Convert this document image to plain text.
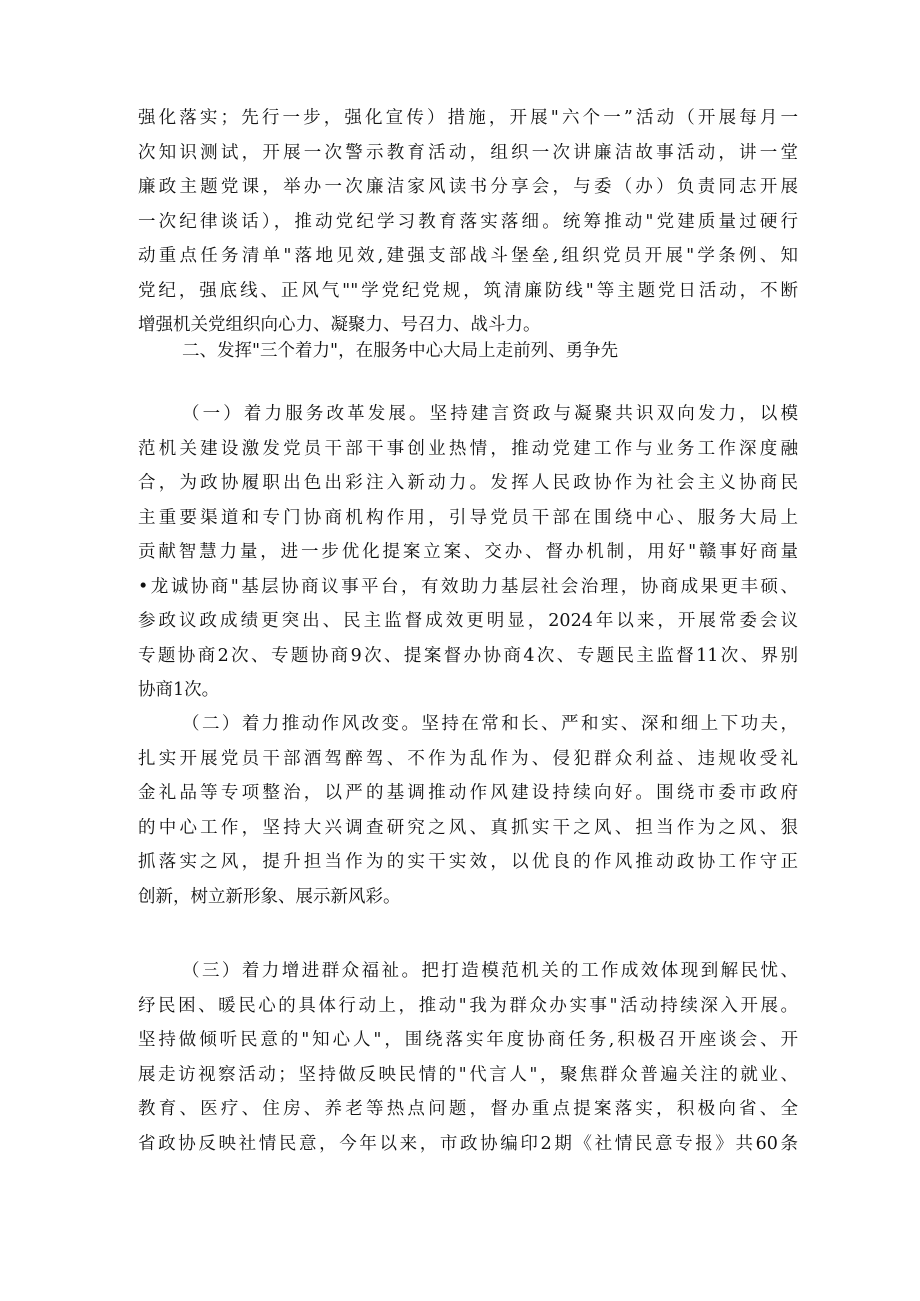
强化落实；先行一步，强化宣传）措施，开展"六个一”活动（开展每月一
次知识测试，开展一次警示教育活动，组织一次讲廉洁故事活动，讲一堂
廉政主题党课，举办一次廉洁家风读书分享会，与委（办）负责同志开展
一次纪律谈话），推动党纪学习教育落实落细。统筹推动"党建质量过硬行
动重点任务清单"落地见效,建强支部战斗堡垒,组织党员开展"学条例、知
党纪，强底线、正风气""学党纪党规，筑清廉防线"等主题党日活动，不断
增强机关党组织向心力、凝聚力、号召力、战斗力。
二、发挥"三个着力"，在服务中心大局上走前列、勇争先
（一）着力服务改革发展。坚持建言资政与凝聚共识双向发力，以模
范机关建设激发党员干部干事创业热情，推动党建工作与业务工作深度融
合，为政协履职出色出彩注入新动力。发挥人民政协作为社会主义协商民
主重要渠道和专门协商机构作用，引导党员干部在围绕中心、服务大局上
贡献智慧力量，进一步优化提案立案、交办、督办机制，用好"赣事好商量
•龙诚协商"基层协商议事平台，有效助力基层社会治理，协商成果更丰硕、
参政议政成绩更突出、民主监督成效更明显，2024年以来，开展常委会议
专题协商2次、专题协商9次、提案督办协商4次、专题民主监督11次、界别
协商1次。
（二）着力推动作风改变。坚持在常和长、严和实、深和细上下功夫，
扎实开展党员干部酒驾醉驾、不作为乱作为、侵犯群众利益、违规收受礼
金礼品等专项整治，以严的基调推动作风建设持续向好。围绕市委市政府
的中心工作，坚持大兴调查研究之风、真抓实干之风、担当作为之风、狠
抓落实之风，提升担当作为的实干实效，以优良的作风推动政协工作守正
创新，树立新形象、展示新风彩。
（三）着力增进群众福祉。把打造模范机关的工作成效体现到解民忧、
纾民困、暖民心的具体行动上，推动"我为群众办实事"活动持续深入开展。
坚持做倾听民意的"知心人"，围绕落实年度协商任务,积极召开座谈会、开
展走访视察活动；坚持做反映民情的"代言人"，聚焦群众普遍关注的就业、
教育、医疗、住房、养老等热点问题，督办重点提案落实，积极向省、全
省政协反映社情民意，今年以来，市政协编印2期《社情民意专报》共60条
